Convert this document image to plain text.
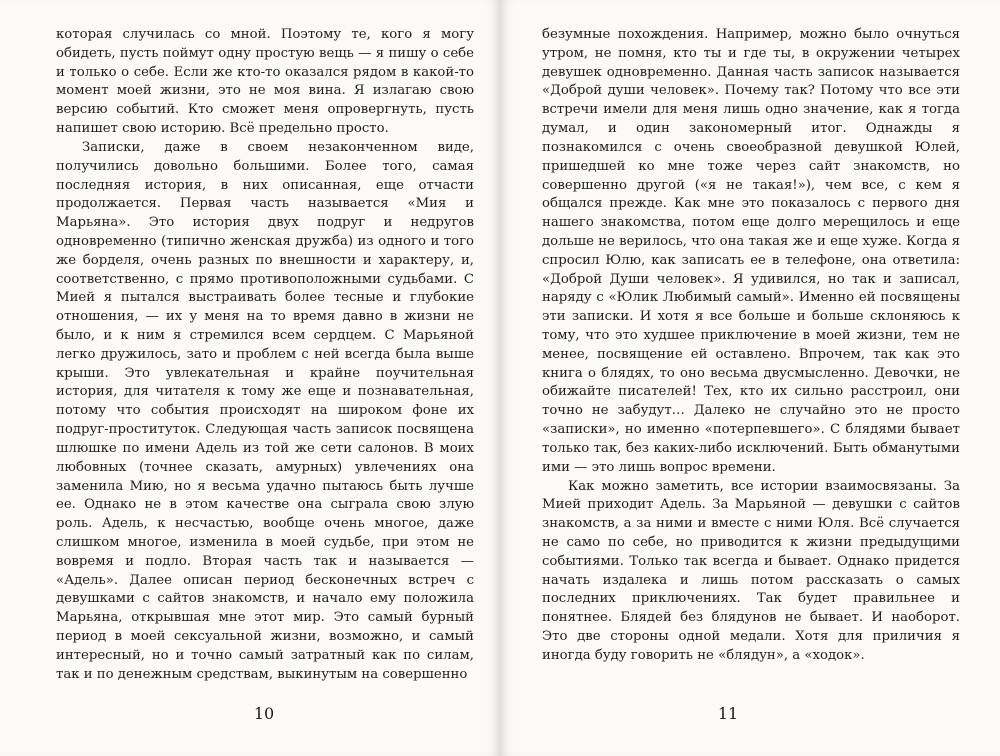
которая случилась со мной. Поэтому те, кого я могу обидеть, пусть поймут одну простую вещь — я пишу о себе и только о себе. Если же кто-то оказался рядом в какой-то момент моей жизни, это не моя вина. Я излагаю свою версию событий. Кто сможет меня опровергнуть, пусть напишет свою историю. Всё предельно просто.

Записки, даже в своем незаконченном виде, получились довольно большими. Более того, самая последняя история, в них описанная, еще отчасти продолжается. Первая часть называется «Мия и Марьяна». Это история двух подруг и недругов одновременно (типично женская дружба) из одного и того же борделя, очень разных по внешности и характеру, и, соответственно, с прямо противоположными судьбами. С Мией я пытался выстраивать более тесные и глубокие отношения, — их у меня на то время давно в жизни не было, и к ним я стремился всем сердцем. С Марьяной легко дружилось, зато и проблем с ней всегда была выше крыши. Это увлекательная и крайне поучительная история, для читателя к тому же еще и познавательная, потому что события происходят на широком фоне их подруг-проституток. Следующая часть записок посвящена шлюшке по имени Адель из той же сети салонов. В моих любовных (точнее сказать, амурных) увлечениях она заменила Мию, но я весьма удачно пытаюсь быть лучше ее. Однако не в этом качестве она сыграла свою злую роль. Адель, к несчастью, вообще очень многое, даже слишком многое, изменила в моей судьбе, при этом не вовремя и подло. Вторая часть так и называется — «Адель». Далее описан период бесконечных встреч с девушками с сайтов знакомств, и начало ему положила Марьяна, открывшая мне этот мир. Это самый бурный период в моей сексуальной жизни, возможно, и самый интересный, но и точно самый затратный как по силам, так и по денежным средствам, выкинутым на совершенно

10

безумные похождения. Например, можно было очнуться утром, не помня, кто ты и где ты, в окружении четырех девушек одновременно. Данная часть записок называется «Доброй души человек». Почему так? Потому что все эти встречи имели для меня лишь одно значение, как я тогда думал, и один закономерный итог. Однажды я познакомился с очень своеобразной девушкой Юлей, пришедшей ко мне тоже через сайт знакомств, но совершенно другой («я не такая!»), чем все, с кем я общался прежде. Как мне это показалось с первого дня нашего знакомства, потом еще долго мерещилось и еще дольше не верилось, что она такая же и еще хуже. Когда я спросил Юлю, как записать ее в телефоне, она ответила: «Доброй Души человек». Я удивился, но так и записал, наряду с «Юлик Любимый самый». Именно ей посвящены эти записки. И хотя я все больше и больше склоняюсь к тому, что это худшее приключение в моей жизни, тем не менее, посвящение ей оставлено. Впрочем, так как это книга о блядях, то оно весьма двусмысленно. Девочки, не обижайте писателей! Тех, кто их сильно расстроил, они точно не забудут… Далеко не случайно это не просто «записки», но именно «потерпевшего». С блядями бывает только так, без каких-либо исключений. Быть обманутыми ими — это лишь вопрос времени.

Как можно заметить, все истории взаимосвязаны. За Мией приходит Адель. За Марьяной — девушки с сайтов знакомств, а за ними и вместе с ними Юля. Всё случается не само по себе, но приводится к жизни предыдущими событиями. Только так всегда и бывает. Однако придется начать издалека и лишь потом рассказать о самых последних приключениях. Так будет правильнее и понятнее. Блядей без блядунов не бывает. И наоборот. Это две стороны одной медали. Хотя для приличия я иногда буду говорить не «блядун», а «ходок».

11
